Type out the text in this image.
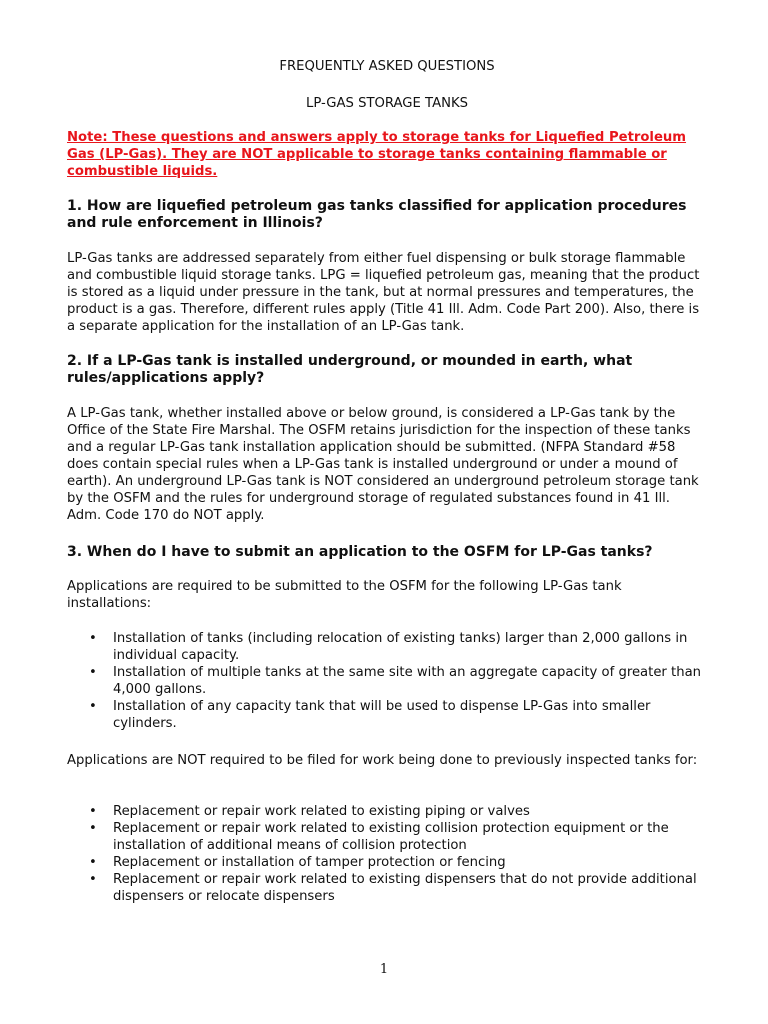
FREQUENTLY ASKED QUESTIONS
LP-GAS STORAGE TANKS
Note: These questions and answers apply to storage tanks for Liquefied Petroleum Gas (LP-Gas). They are NOT applicable to storage tanks containing flammable or combustible liquids.
1. How are liquefied petroleum gas tanks classified for application procedures and rule enforcement in Illinois?
LP-Gas tanks are addressed separately from either fuel dispensing or bulk storage flammable and combustible liquid storage tanks. LPG = liquefied petroleum gas, meaning that the product is stored as a liquid under pressure in the tank, but at normal pressures and temperatures, the product is a gas. Therefore, different rules apply (Title 41 Ill. Adm. Code Part 200). Also, there is a separate application for the installation of an LP-Gas tank.
2. If a LP-Gas tank is installed underground, or mounded in earth, what rules/applications apply?
A LP-Gas tank, whether installed above or below ground, is considered a LP-Gas tank by the Office of the State Fire Marshal. The OSFM retains jurisdiction for the inspection of these tanks and a regular LP-Gas tank installation application should be submitted. (NFPA Standard #58 does contain special rules when a LP-Gas tank is installed underground or under a mound of earth). An underground LP-Gas tank is NOT considered an underground petroleum storage tank by the OSFM and the rules for underground storage of regulated substances found in 41 Ill. Adm. Code 170 do NOT apply.
3. When do I have to submit an application to the OSFM for LP-Gas tanks?
Applications are required to be submitted to the OSFM for the following LP-Gas tank installations:
• Installation of tanks (including relocation of existing tanks) larger than 2,000 gallons in individual capacity.
• Installation of multiple tanks at the same site with an aggregate capacity of greater than 4,000 gallons.
• Installation of any capacity tank that will be used to dispense LP-Gas into smaller cylinders.
Applications are NOT required to be filed for work being done to previously inspected tanks for:
• Replacement or repair work related to existing piping or valves
• Replacement or repair work related to existing collision protection equipment or the installation of additional means of collision protection
• Replacement or installation of tamper protection or fencing
• Replacement or repair work related to existing dispensers that do not provide additional dispensers or relocate dispensers
1
